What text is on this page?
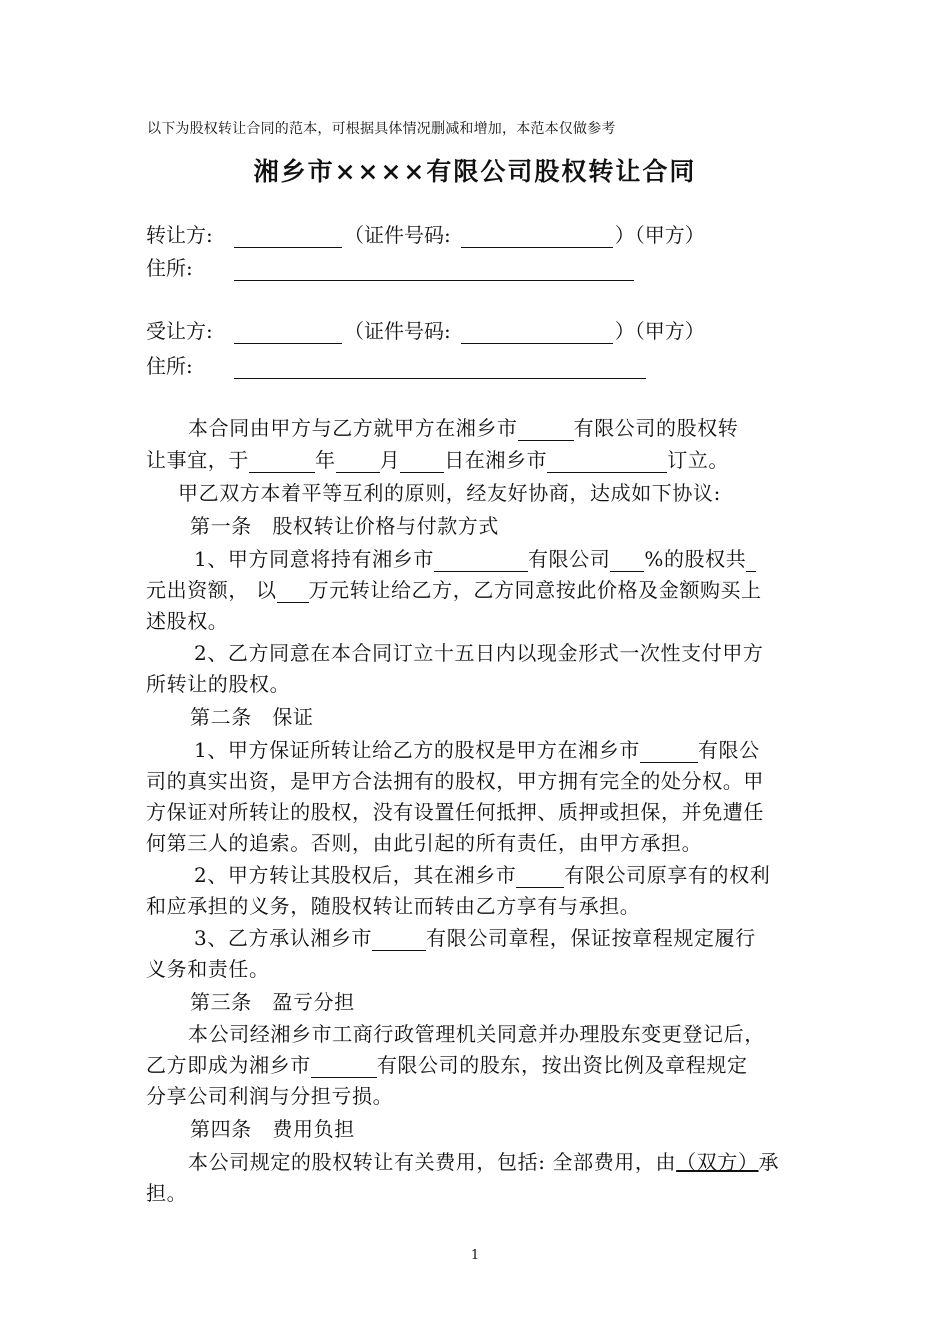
以下为股权转让合同的范本，可根据具体情况删减和增加，本范本仅做参考
湘乡市××××有限公司股权转让合同
转让方:	（证件号码:	）（甲方）
住所:
受让方:	（证件号码:	）（甲方）
住所:
本合同由甲方与乙方就甲方在湘乡市	有限公司的股权转
让事宜，于	年 月 日在湘乡市	订立。
甲乙双方本着平等互利的原则，经友好协商，达成如下协议:
第一条　股权转让价格与付款方式
1、甲方同意将持有湘乡市	有限公司 %的股权共
元出资额， 以 万元转让给乙方，乙方同意按此价格及金额购买上
述股权。
2、乙方同意在本合同订立十五日内以现金形式一次性支付甲方
所转让的股权。
第二条　保证
1、甲方保证所转让给乙方的股权是甲方在湘乡市	有限公
司的真实出资，是甲方合法拥有的股权，甲方拥有完全的处分权。甲
方保证对所转让的股权，没有设置任何抵押、质押或担保，并免遭任
何第三人的追索。否则，由此引起的所有责任，由甲方承担。
2、甲方转让其股权后，其在湘乡市 有限公司原享有的权利
和应承担的义务，随股权转让而转由乙方享有与承担。
3、乙方承认湘乡市	有限公司章程，保证按章程规定履行
义务和责任。
第三条　盈亏分担
本公司经湘乡市工商行政管理机关同意并办理股东变更登记后，
乙方即成为湘乡市	有限公司的股东，按出资比例及章程规定
分享公司利润与分担亏损。
第四条　费用负担
本公司规定的股权转让有关费用，包括: 全部费用，由（双方）承
担。
1
